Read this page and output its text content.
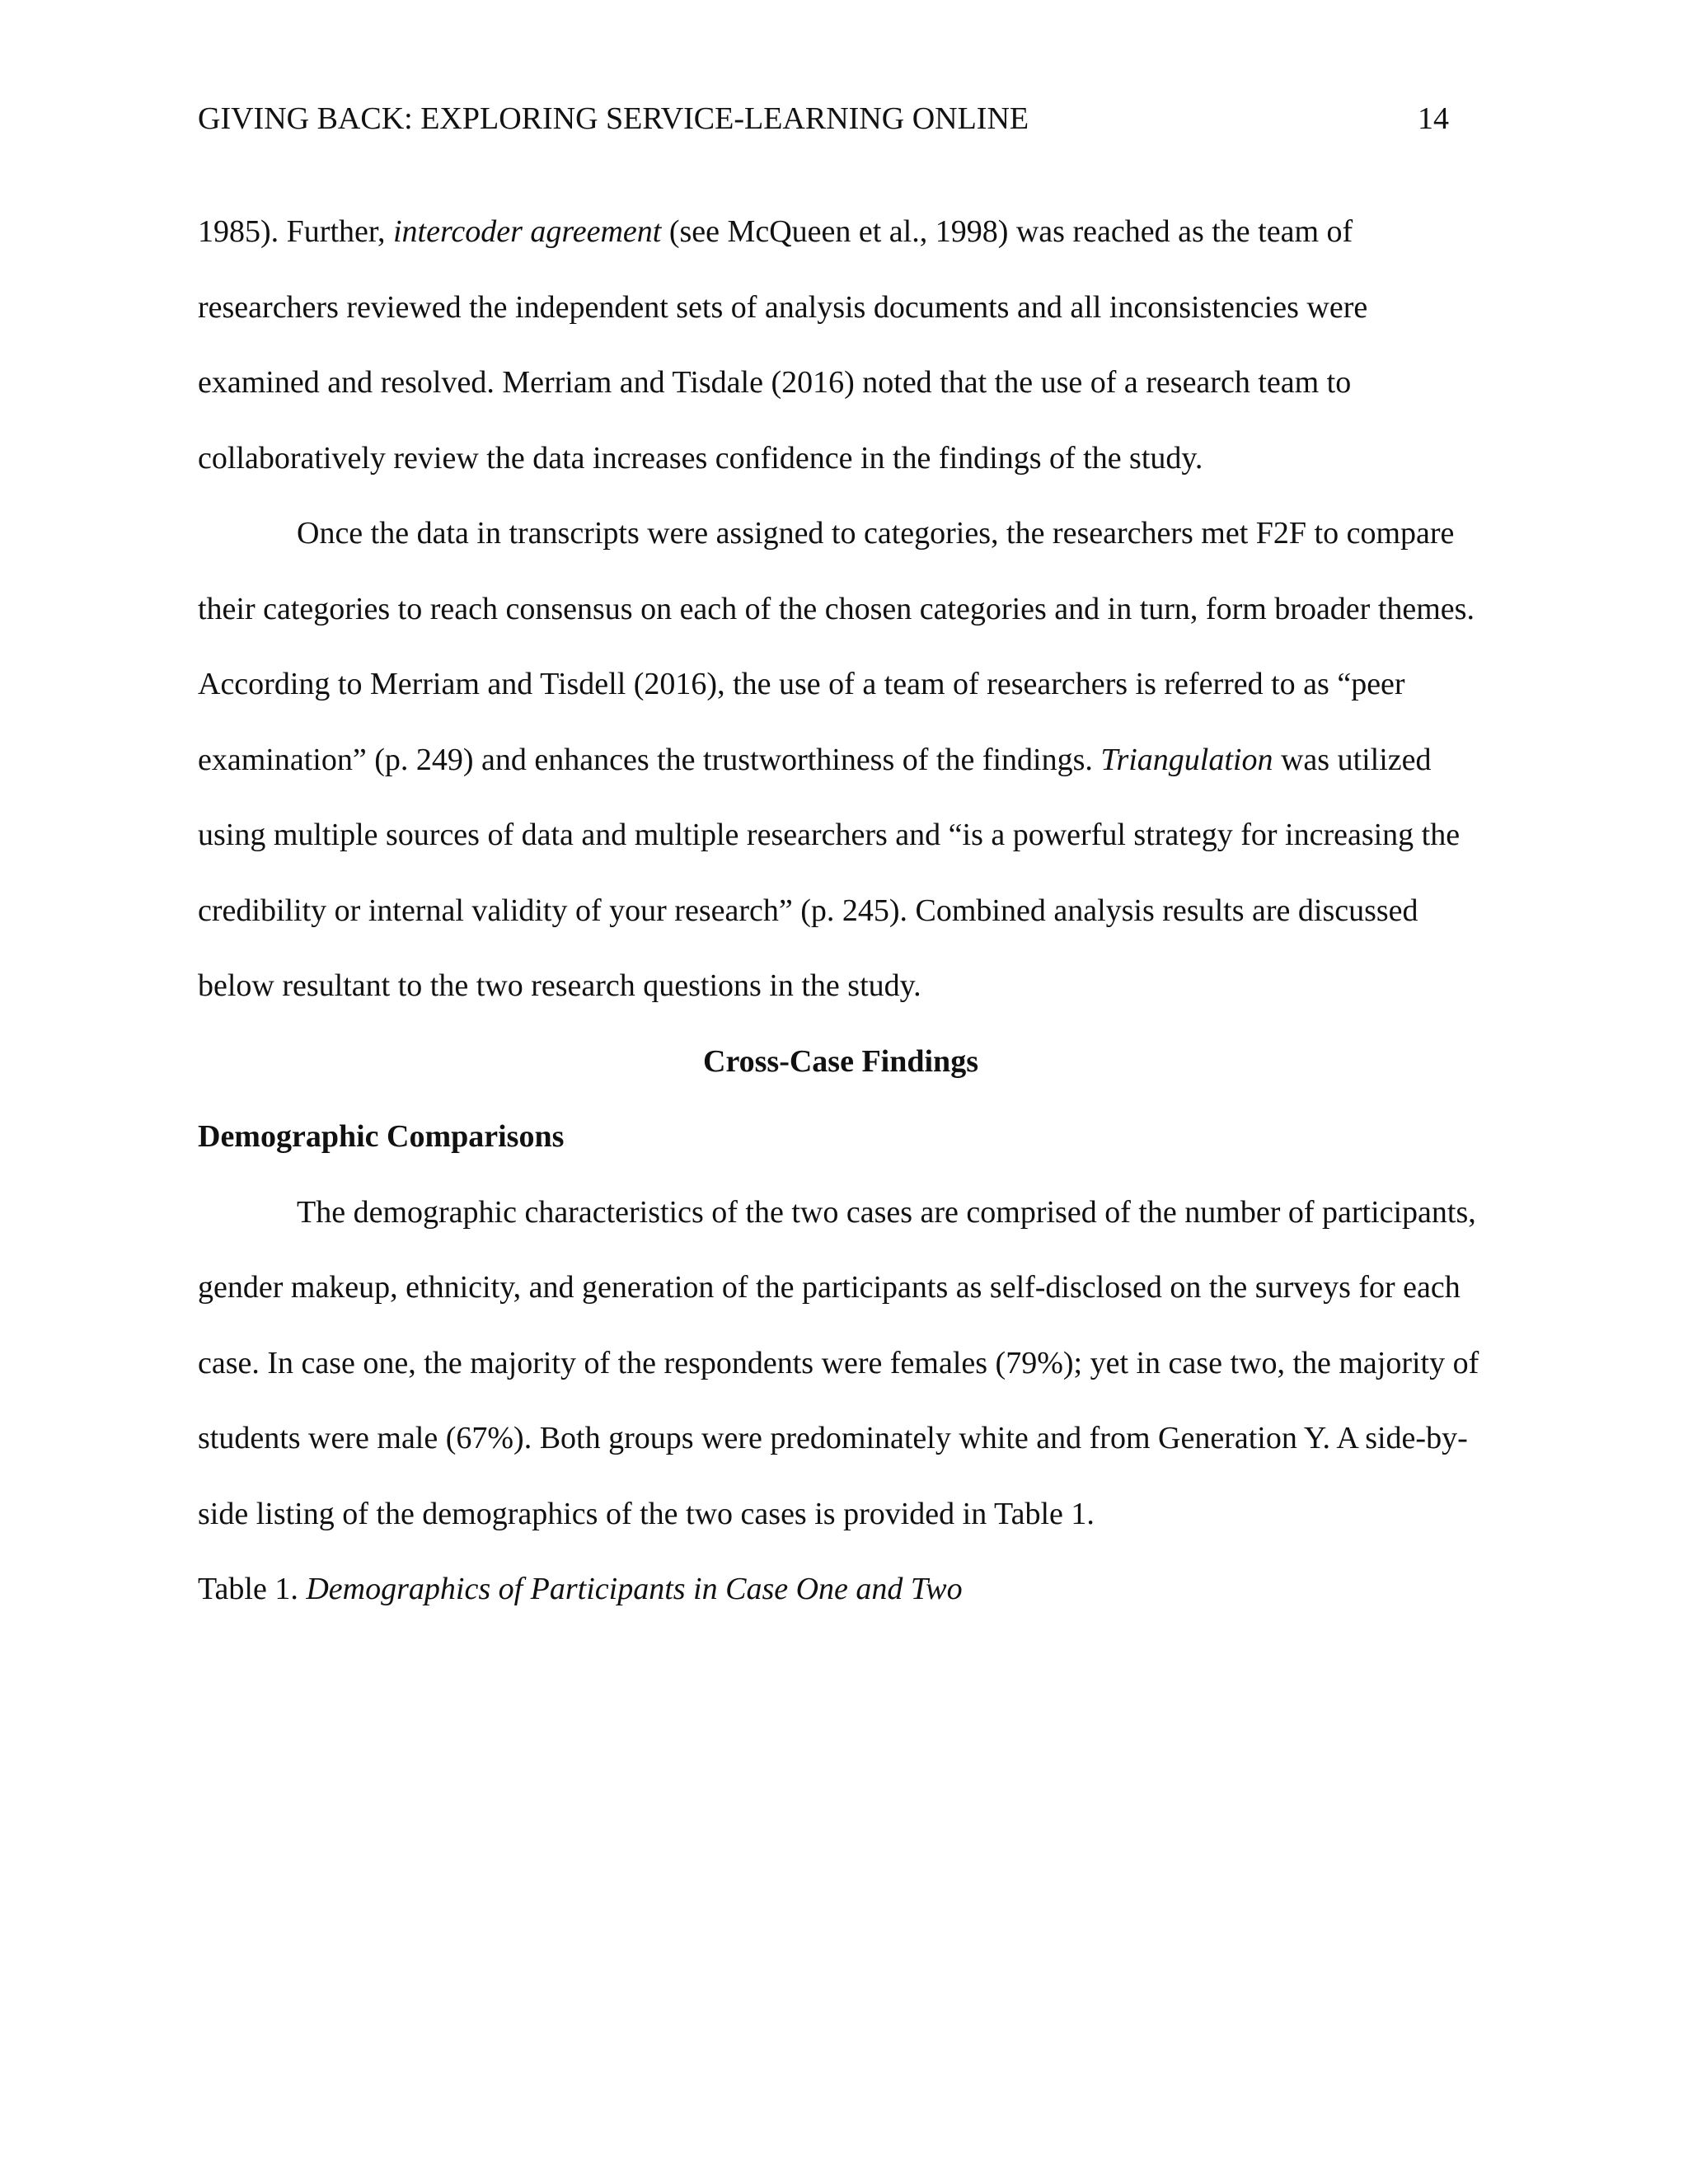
GIVING BACK: EXPLORING SERVICE-LEARNING ONLINE	14

1985). Further, intercoder agreement (see McQueen et al., 1998) was reached as the team of researchers reviewed the independent sets of analysis documents and all inconsistencies were examined and resolved. Merriam and Tisdale (2016) noted that the use of a research team to collaboratively review the data increases confidence in the findings of the study.

Once the data in transcripts were assigned to categories, the researchers met F2F to compare their categories to reach consensus on each of the chosen categories and in turn, form broader themes. According to Merriam and Tisdell (2016), the use of a team of researchers is referred to as “peer examination” (p. 249) and enhances the trustworthiness of the findings. Triangulation was utilized using multiple sources of data and multiple researchers and “is a powerful strategy for increasing the credibility or internal validity of your research” (p. 245). Combined analysis results are discussed below resultant to the two research questions in the study.

Cross-Case Findings

Demographic Comparisons

The demographic characteristics of the two cases are comprised of the number of participants, gender makeup, ethnicity, and generation of the participants as self-disclosed on the surveys for each case. In case one, the majority of the respondents were females (79%); yet in case two, the majority of students were male (67%). Both groups were predominately white and from Generation Y. A side-by-side listing of the demographics of the two cases is provided in Table 1.

Table 1. Demographics of Participants in Case One and Two
